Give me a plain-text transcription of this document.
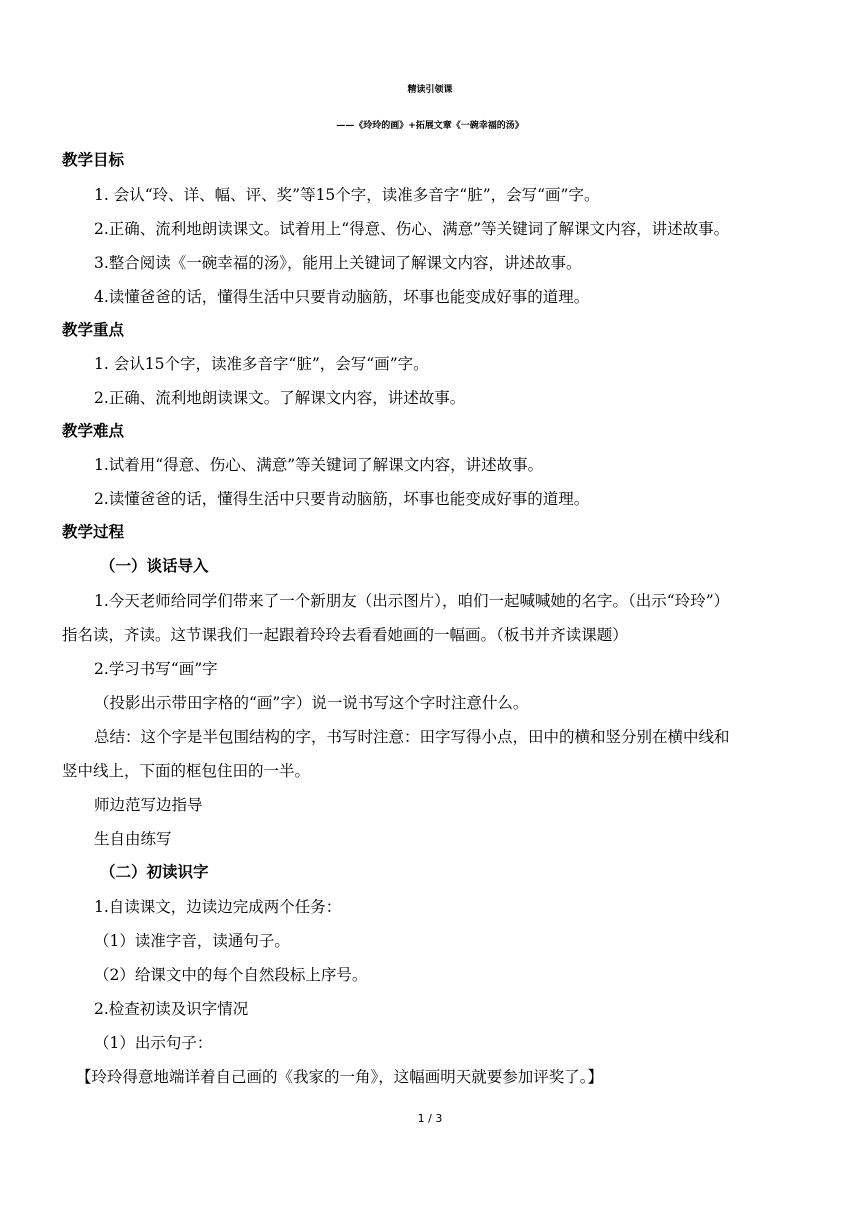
精读引领课
——《玲玲的画》+拓展文章《一碗幸福的汤》
教学目标
1. 会认“玲、详、幅、评、奖”等15个字，读准多音字“脏”，会写“画”字。
2.正确、流利地朗读课文。试着用上“得意、伤心、满意”等关键词了解课文内容，讲述故事。
3.整合阅读《一碗幸福的汤》，能用上关键词了解课文内容，讲述故事。
4.读懂爸爸的话，懂得生活中只要肯动脑筋，坏事也能变成好事的道理。
教学重点
1. 会认15个字，读准多音字“脏”，会写“画”字。
2.正确、流利地朗读课文。了解课文内容，讲述故事。
教学难点
1.试着用“得意、伤心、满意”等关键词了解课文内容，讲述故事。
2.读懂爸爸的话，懂得生活中只要肯动脑筋，坏事也能变成好事的道理。
教学过程
（一）谈话导入
1.今天老师给同学们带来了一个新朋友（出示图片），咱们一起喊喊她的名字。（出示“玲玲”）
指名读，齐读。这节课我们一起跟着玲玲去看看她画的一幅画。（板书并齐读课题）
2.学习书写“画”字
（投影出示带田字格的“画”字）说一说书写这个字时注意什么。
总结：这个字是半包围结构的字，书写时注意：田字写得小点，田中的横和竖分别在横中线和
竖中线上，下面的框包住田的一半。
师边范写边指导
生自由练写
（二）初读识字
1.自读课文，边读边完成两个任务：
（1）读准字音，读通句子。
（2）给课文中的每个自然段标上序号。
2.检查初读及识字情况
（1）出示句子：
【玲玲得意地端详着自己画的《我家的一角》，这幅画明天就要参加评奖了。】
1 / 3
